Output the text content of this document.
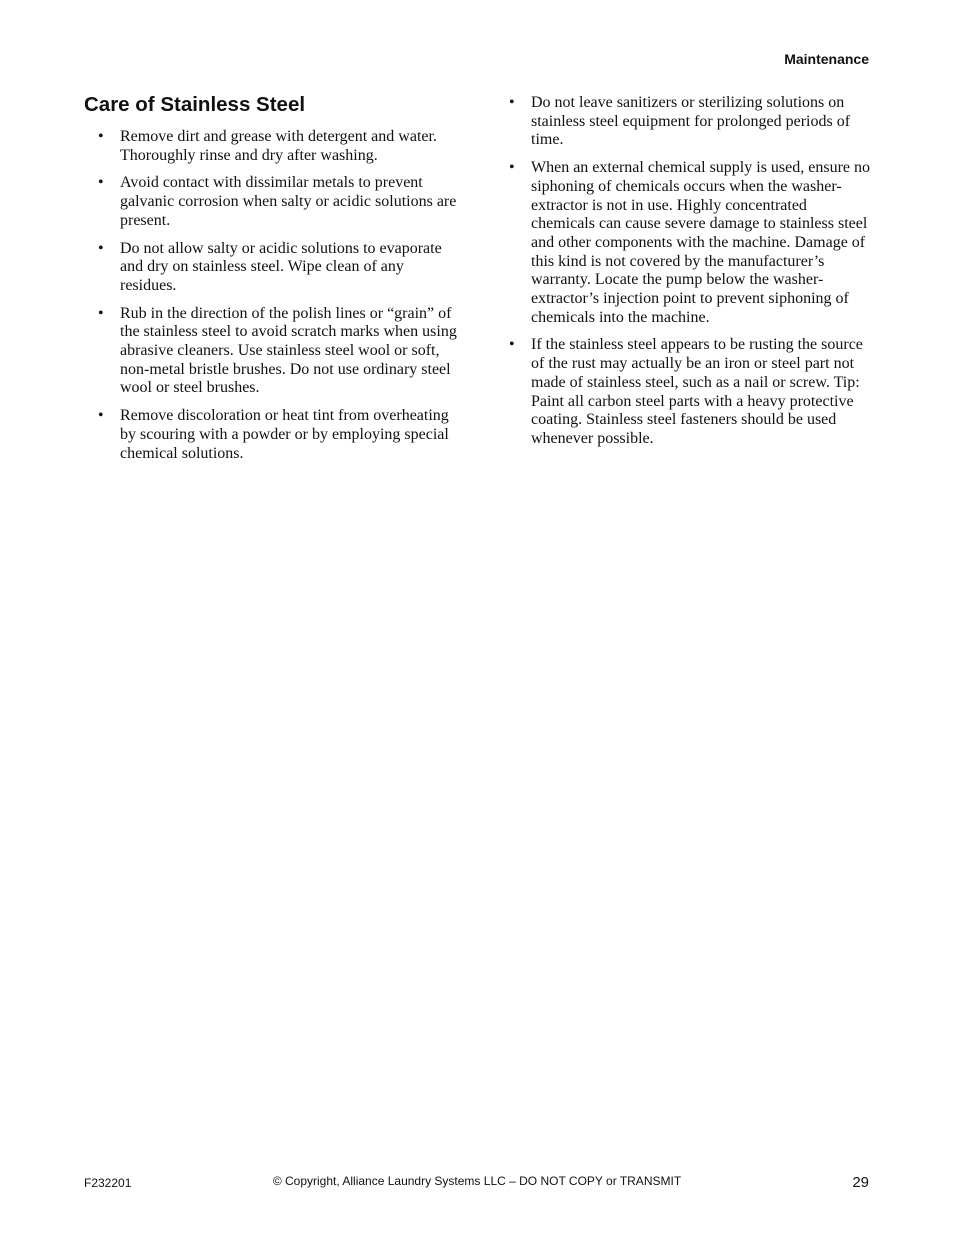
Maintenance
Care of Stainless Steel
• Remove dirt and grease with detergent and water. Thoroughly rinse and dry after washing.
• Avoid contact with dissimilar metals to prevent galvanic corrosion when salty or acidic solutions are present.
• Do not allow salty or acidic solutions to evaporate and dry on stainless steel. Wipe clean of any residues.
• Rub in the direction of the polish lines or “grain” of the stainless steel to avoid scratch marks when using abrasive cleaners. Use stainless steel wool or soft, non-metal bristle brushes. Do not use ordinary steel wool or steel brushes.
• Remove discoloration or heat tint from overheating by scouring with a powder or by employing special chemical solutions.
• Do not leave sanitizers or sterilizing solutions on stainless steel equipment for prolonged periods of time.
• When an external chemical supply is used, ensure no siphoning of chemicals occurs when the washer-extractor is not in use. Highly concentrated chemicals can cause severe damage to stainless steel and other components with the machine. Damage of this kind is not covered by the manufacturer’s warranty. Locate the pump below the washer-extractor’s injection point to prevent siphoning of chemicals into the machine.
• If the stainless steel appears to be rusting the source of the rust may actually be an iron or steel part not made of stainless steel, such as a nail or screw. Tip: Paint all carbon steel parts with a heavy protective coating. Stainless steel fasteners should be used whenever possible.
F232201	© Copyright, Alliance Laundry Systems LLC – DO NOT COPY or TRANSMIT	29
